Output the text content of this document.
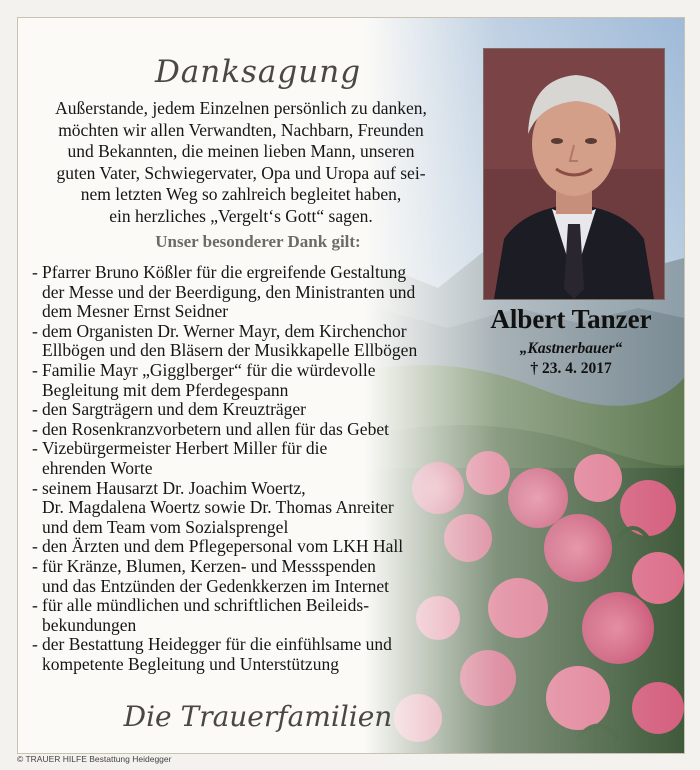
Danksagung

Außerstande, jedem Einzelnen persönlich zu danken,
möchten wir allen Verwandten, Nachbarn, Freunden
und Bekannten, die meinen lieben Mann, unseren
guten Vater, Schwiegervater, Opa und Uropa auf sei-
nem letzten Weg so zahlreich begleitet haben,
ein herzliches „Vergelt‘s Gott“ sagen.

Unser besonderer Dank gilt:
- Pfarrer Bruno Kößler für die ergreifende Gestaltung
der Messe und der Beerdigung, den Ministranten und
dem Mesner Ernst Seidner
- dem Organisten Dr. Werner Mayr, dem Kirchenchor
Ellbögen und den Bläsern der Musikkapelle Ellbögen
- Familie Mayr „Gigglberger“ für die würdevolle
Begleitung mit dem Pferdegespann
- den Sargträgern und dem Kreuzträger
- den Rosenkranzvorbetern und allen für das Gebet
- Vizebürgermeister Herbert Miller für die
ehrenden Worte
- seinem Hausarzt Dr. Joachim Woertz,
Dr. Magdalena Woertz sowie Dr. Thomas Anreiter
und dem Team vom Sozialsprengel
- den Ärzten und dem Pflegepersonal vom LKH Hall
- für Kränze, Blumen, Kerzen- und Messspenden
und das Entzünden der Gedenkkerzen im Internet
- für alle mündlichen und schriftlichen Beileids-
bekundungen
- der Bestattung Heidegger für die einfühlsame und
kompetente Begleitung und Unterstützung
Die Trauerfamilien
Albert Tanzer
„Kastnerbauer“
† 23. 4. 2017
© TRAUER HILFE Bestattung Heidegger
